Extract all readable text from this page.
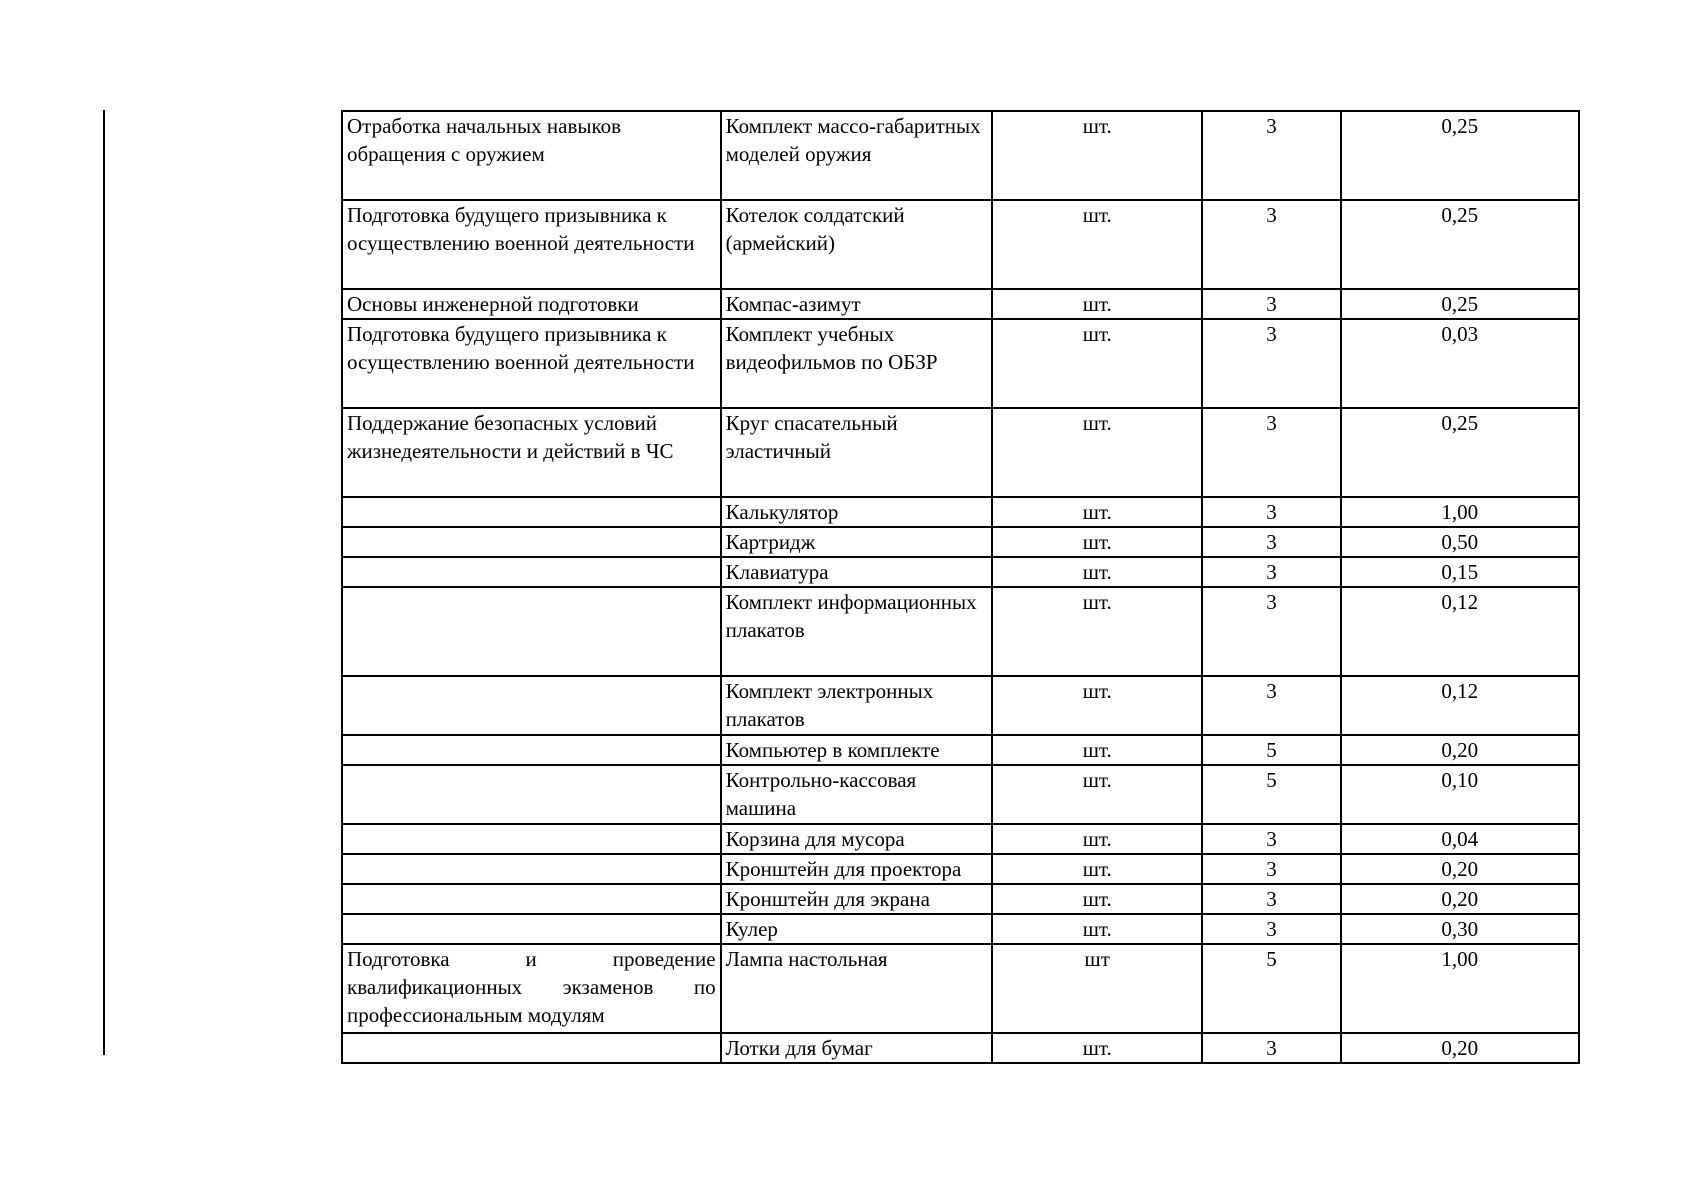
Отработка начальных навыков обращения с оружием	Комплект массо-габаритных моделей оружия	шт.	3	0,25
Подготовка будущего призывника к осуществлению военной деятельности	Котелок солдатский (армейский)	шт.	3	0,25
Основы инженерной подготовки	Компас-азимут	шт.	3	0,25
Подготовка будущего призывника к осуществлению военной деятельности	Комплект учебных видеофильмов по ОБЗР	шт.	3	0,03
Поддержание безопасных условий жизнедеятельности и действий в ЧС	Круг спасательный эластичный	шт.	3	0,25
	Калькулятор	шт.	3	1,00
	Картридж	шт.	3	0,50
	Клавиатура	шт.	3	0,15
	Комплект информационных плакатов	шт.	3	0,12
	Комплект электронных плакатов	шт.	3	0,12
	Компьютер в комплекте	шт.	5	0,20
	Контрольно-кассовая машина	шт.	5	0,10
	Корзина для мусора	шт.	3	0,04
	Кронштейн для проектора	шт.	3	0,20
	Кронштейн для экрана	шт.	3	0,20
	Кулер	шт.	3	0,30
Подготовка и проведение квалификационных экзаменов по профессиональным модулям	Лампа настольная	шт	5	1,00
	Лотки для бумаг	шт.	3	0,20
